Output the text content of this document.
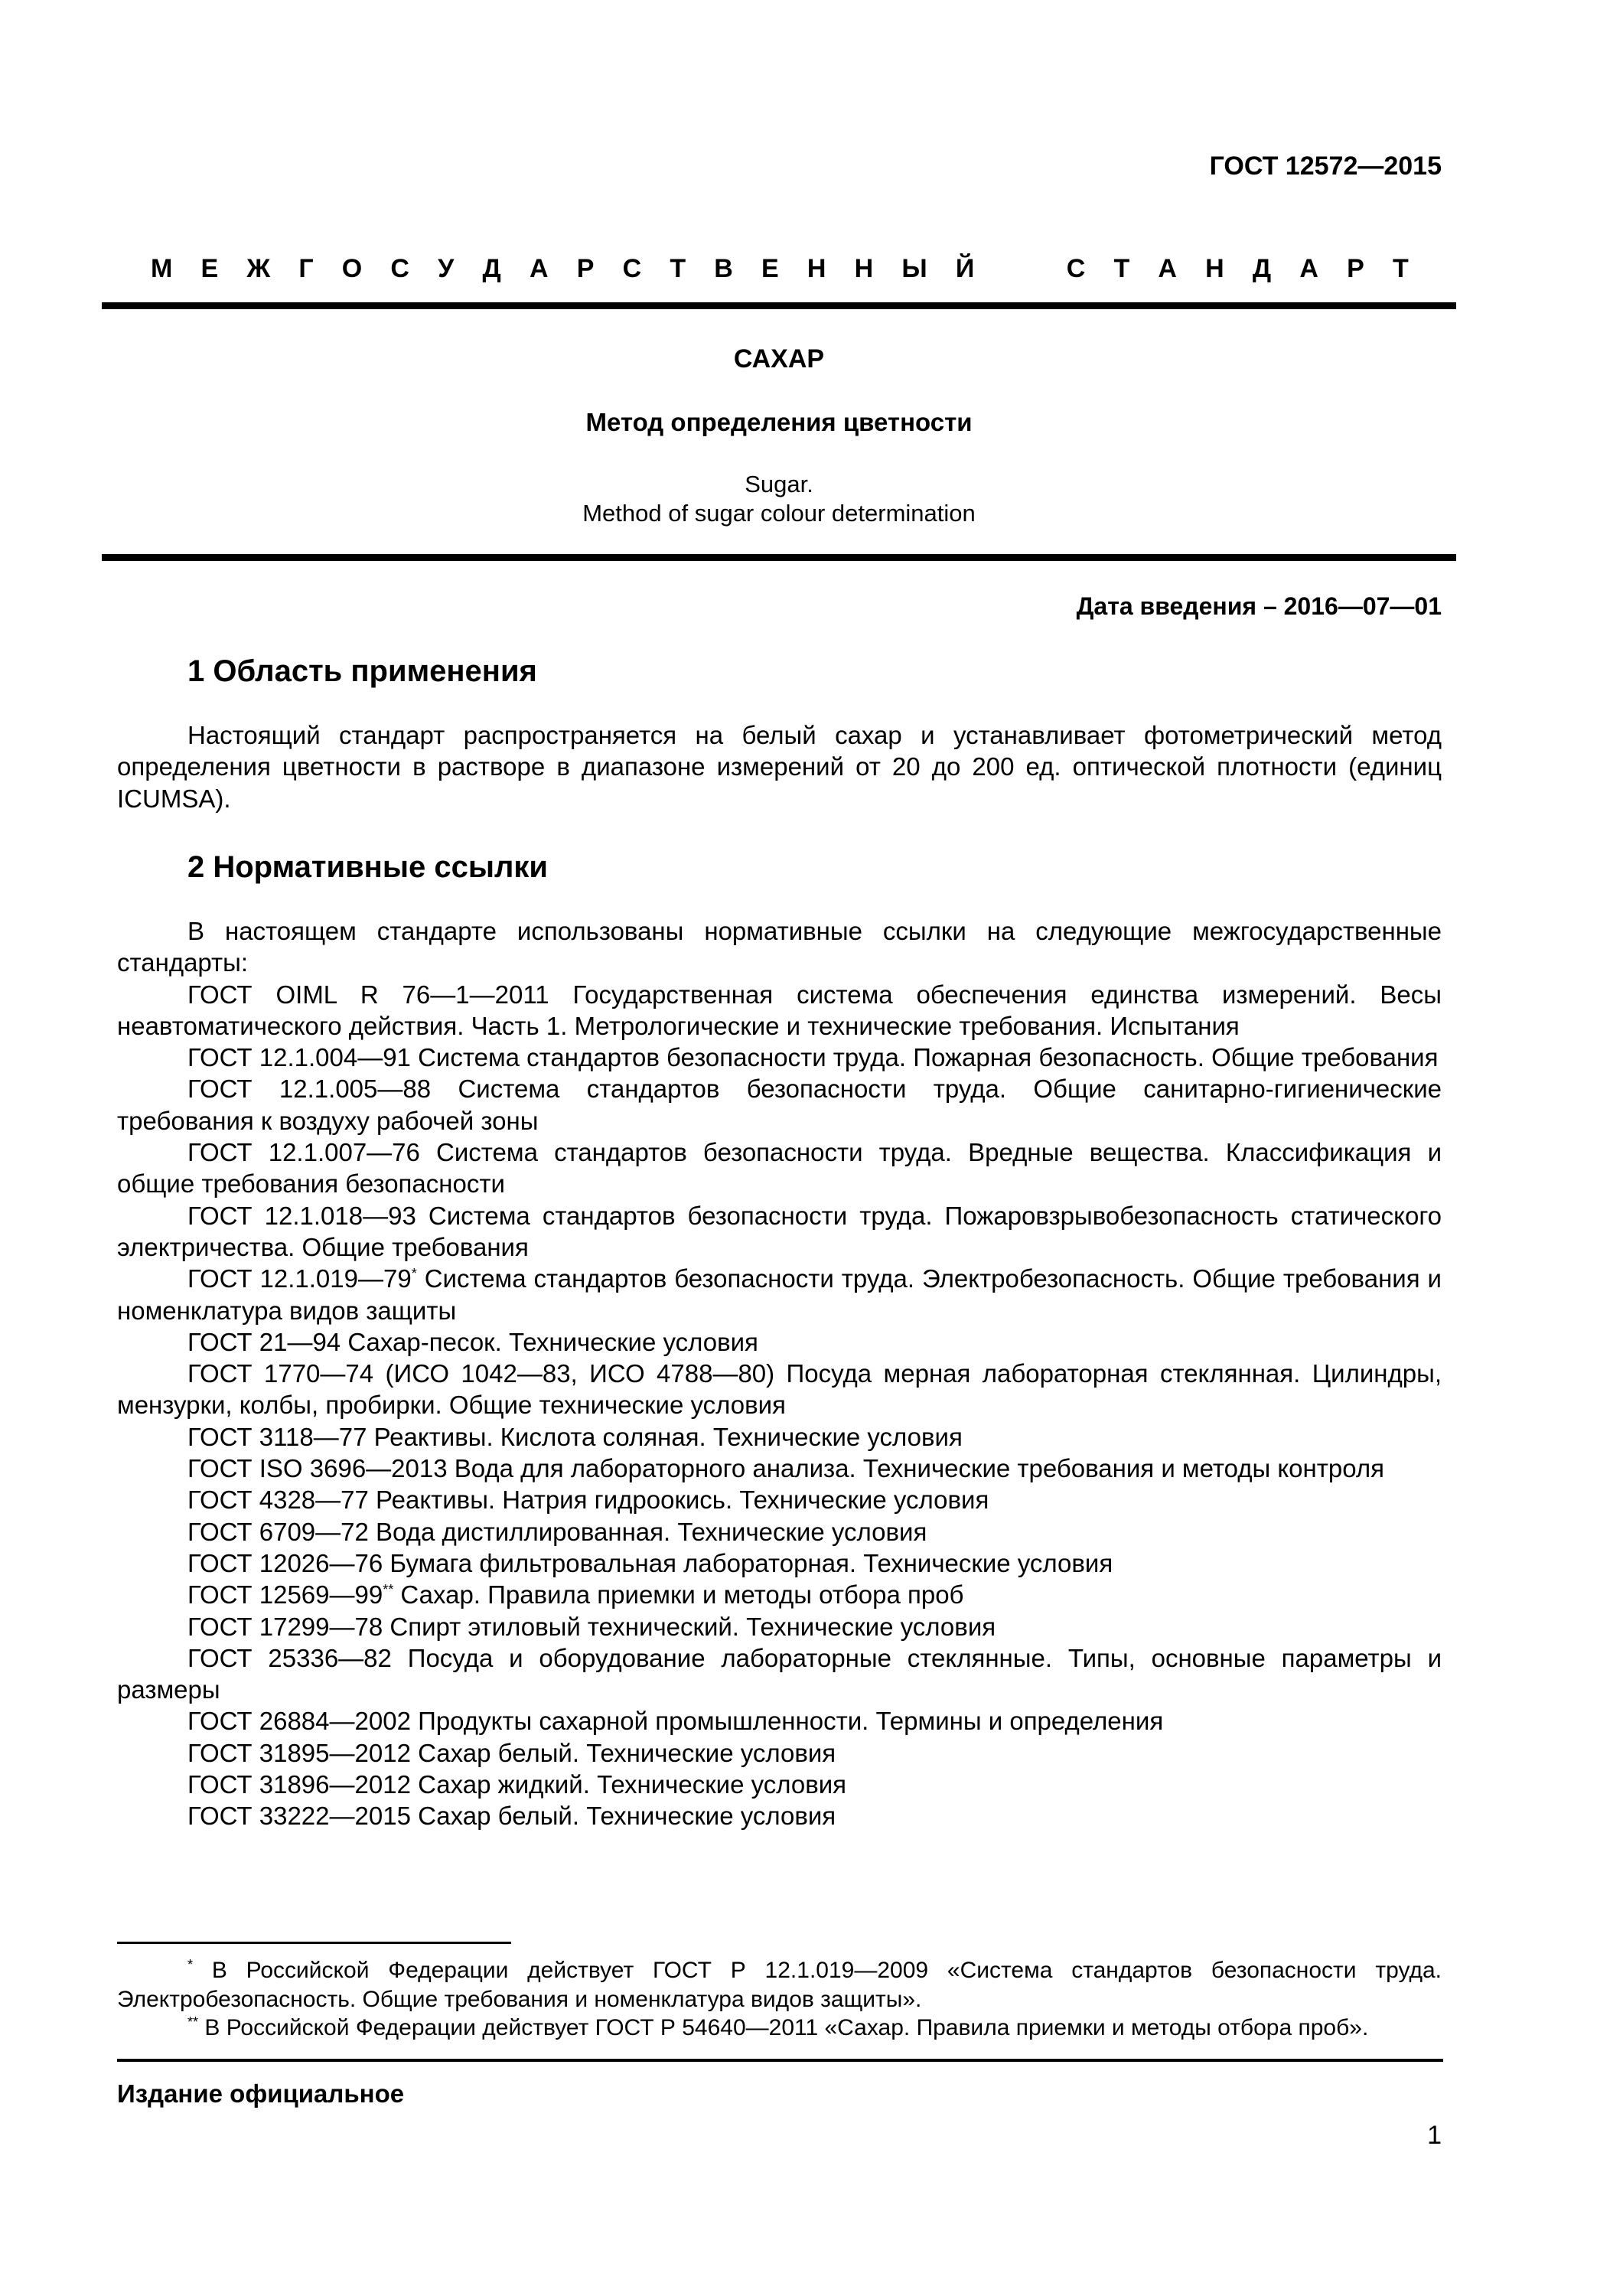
ГОСТ 12572—2015
М Е Ж Г О С У Д А Р С Т В Е Н Н Ы Й	С Т А Н Д А Р Т
САХАР
Метод определения цветности
Sugar.
Method of sugar colour determination
Дата введения – 2016—07—01
1 Область применения

Настоящий стандарт распространяется на белый сахар и устанавливает фотометрический метод определения цветности в растворе в диапазоне измерений от 20 до 200 ед. оптической плотности (единиц ICUMSA).

2 Нормативные ссылки

В настоящем стандарте использованы нормативные ссылки на следующие межгосударственные стандарты:

ГОСТ OIML R 76—1—2011 Государственная система обеспечения единства измерений. Весы неавтоматического действия. Часть 1. Метрологические и технические требования. Испытания

ГОСТ 12.1.004—91 Система стандартов безопасности труда. Пожарная безопасность. Общие требования

ГОСТ 12.1.005—88 Система стандартов безопасности труда. Общие санитарно-гигиенические требования к воздуху рабочей зоны

ГОСТ 12.1.007—76 Система стандартов безопасности труда. Вредные вещества. Классификация и общие требования безопасности

ГОСТ 12.1.018—93 Система стандартов безопасности труда. Пожаровзрывобезопасность статического электричества. Общие требования

ГОСТ 12.1.019—79* Система стандартов безопасности труда. Электробезопасность. Общие требования и номенклатура видов защиты

ГОСТ 21—94 Сахар-песок. Технические условия

ГОСТ 1770—74 (ИСО 1042—83, ИСО 4788—80) Посуда мерная лабораторная стеклянная. Цилиндры, мензурки, колбы, пробирки. Общие технические условия

ГОСТ 3118—77 Реактивы. Кислота соляная. Технические условия

ГОСТ ISO 3696—2013 Вода для лабораторного анализа. Технические требования и методы контроля

ГОСТ 4328—77 Реактивы. Натрия гидроокись. Технические условия

ГОСТ 6709—72 Вода дистиллированная. Технические условия

ГОСТ 12026—76 Бумага фильтровальная лабораторная. Технические условия

ГОСТ 12569—99** Сахар. Правила приемки и методы отбора проб

ГОСТ 17299—78 Спирт этиловый технический. Технические условия

ГОСТ 25336—82 Посуда и оборудование лабораторные стеклянные. Типы, основные параметры и размеры

ГОСТ 26884—2002 Продукты сахарной промышленности. Термины и определения

ГОСТ 31895—2012 Сахар белый. Технические условия

ГОСТ 31896—2012 Сахар жидкий. Технические условия

ГОСТ 33222—2015 Сахар белый. Технические условия

* В Российской Федерации действует ГОСТ Р 12.1.019—2009 «Система стандартов безопасности труда. Электробезопасность. Общие требования и номенклатура видов защиты».

** В Российской Федерации действует ГОСТ Р 54640—2011 «Сахар. Правила приемки и методы отбора проб».

Издание официальное
1
